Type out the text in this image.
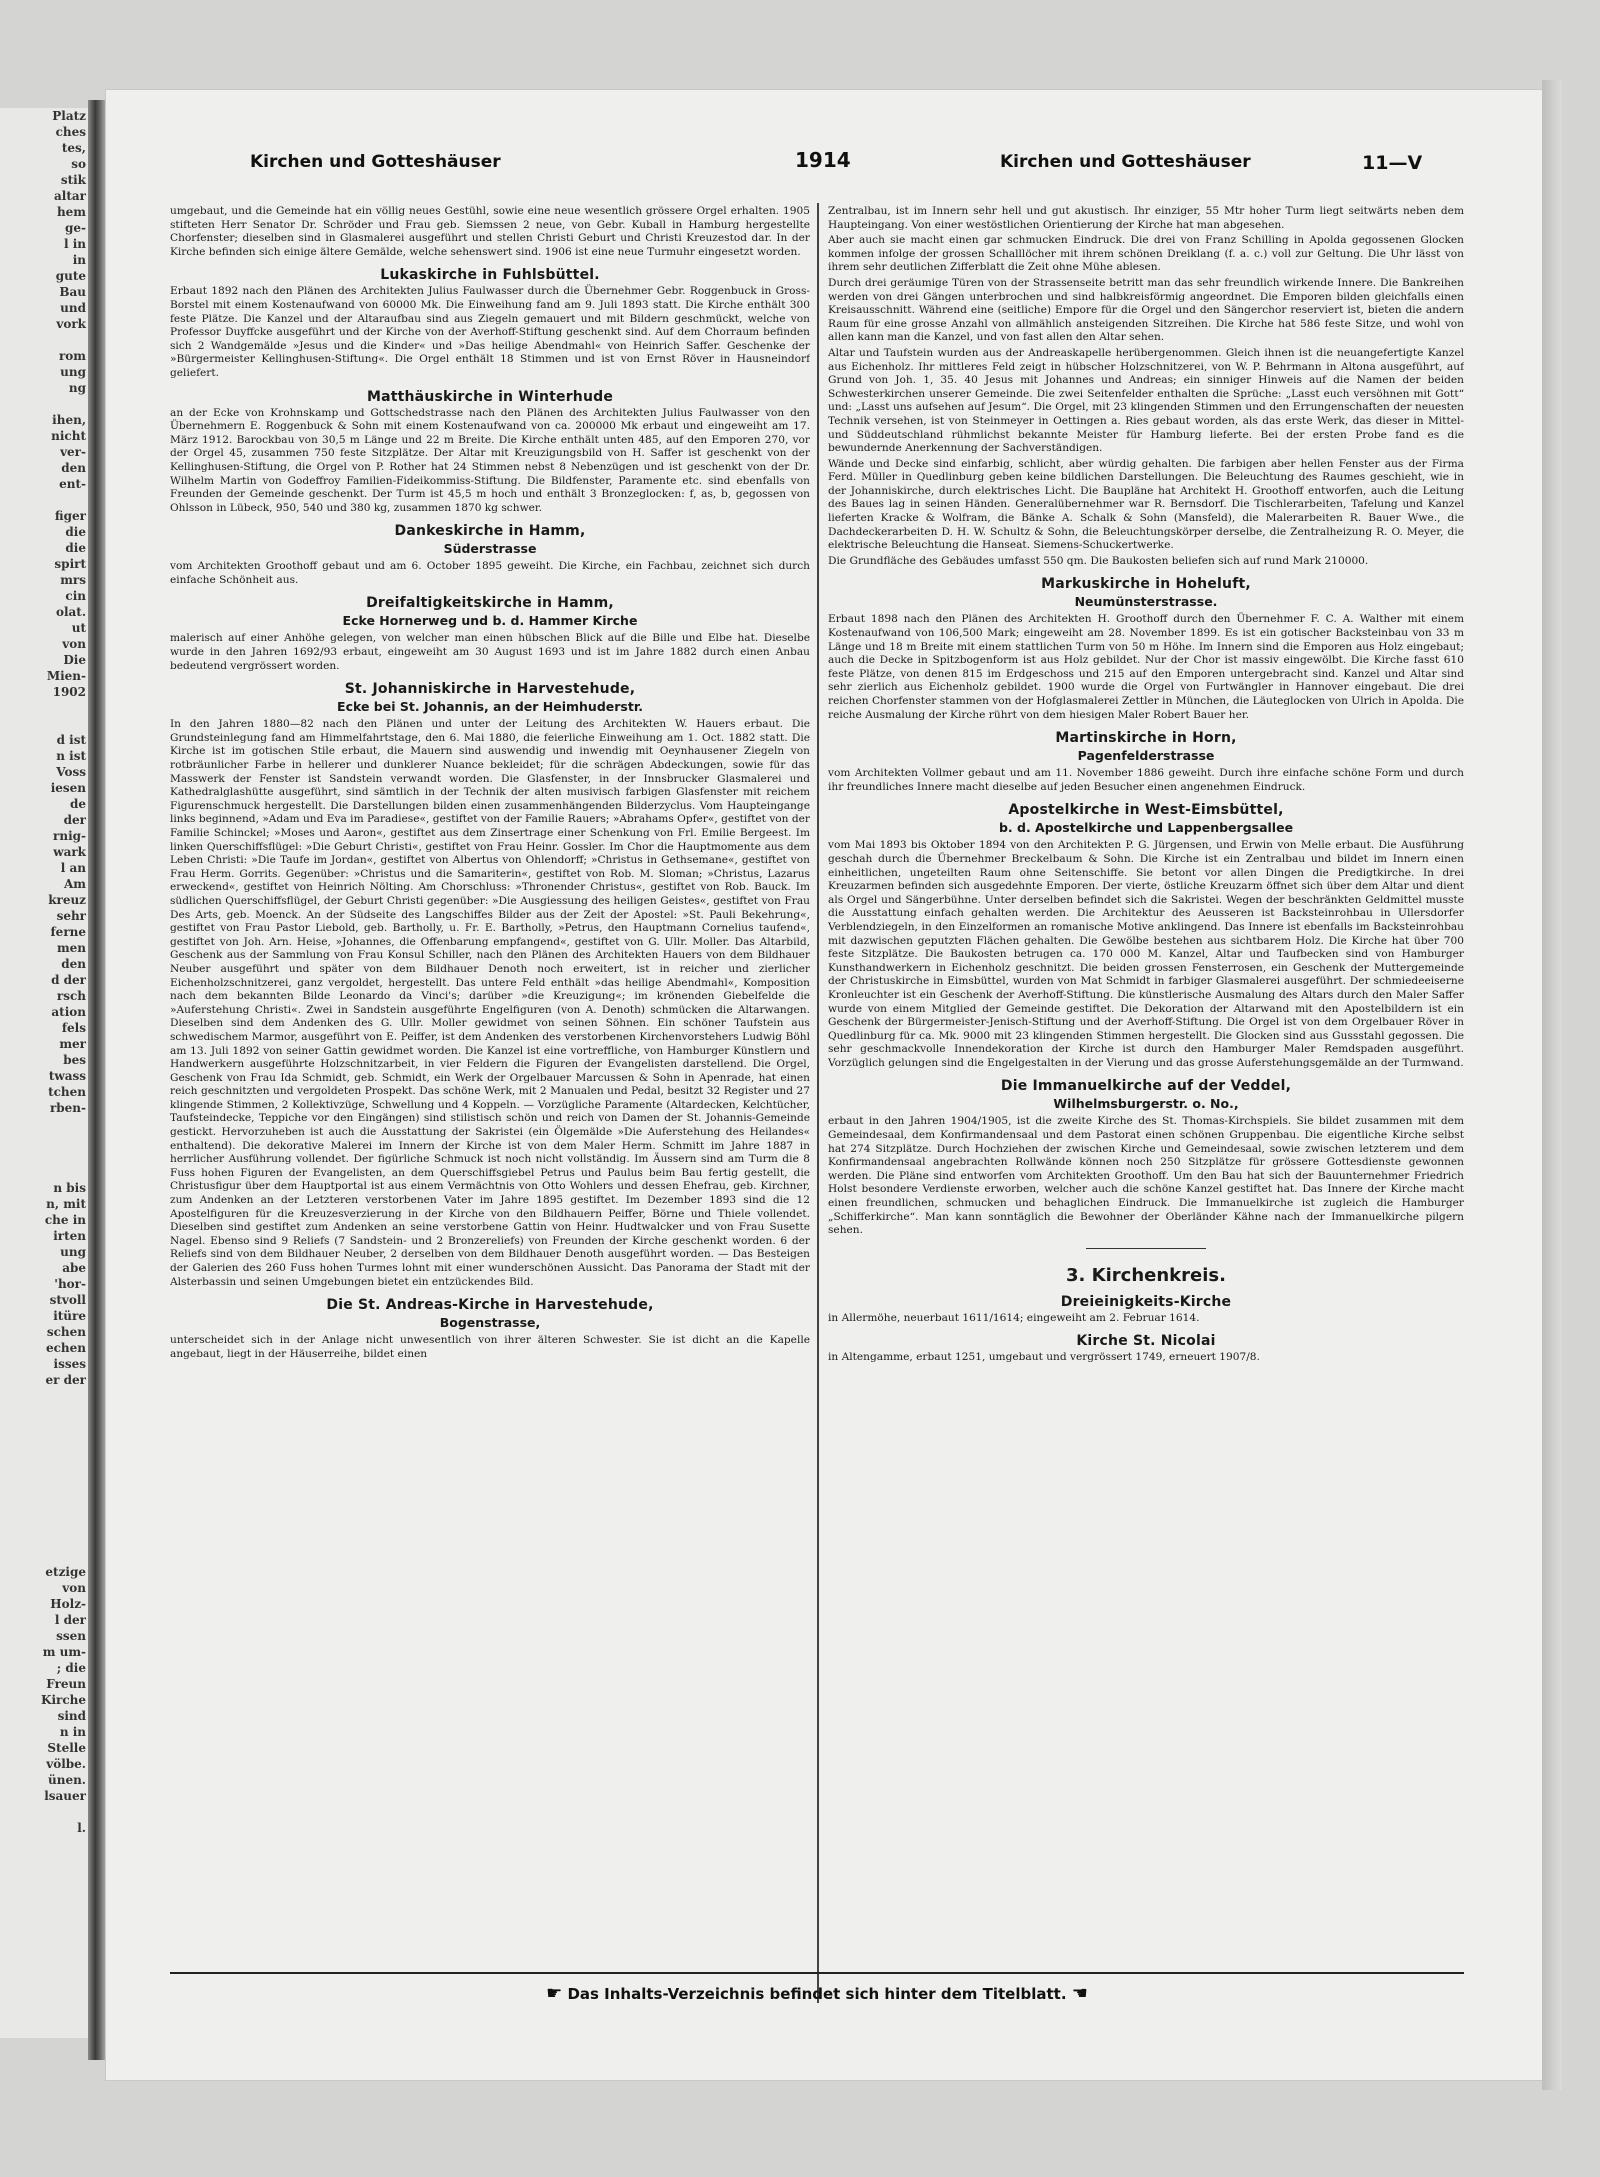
Platz
ches
tes,
so
stik
altar
hem
ge-
l in
in
gute
Bau
und
vork

rom
ung
ng

ihen,
nicht
ver-
den
ent-

figer
die
die
spirt
mrs
cin
olat.
ut
von
Die
Mien-
1902

d ist
n ist
Voss
iesen
de
der
rnig-
wark
l an
Am
kreuz
sehr
ferne
men
den
d der
rsch
ation
fels
mer
bes
twass
tchen
rben-

n bis
n, mit
che in
irten
ung
abe
'hor-
stvoll
itüre
schen
echen
isses
er der

etzige
von
Holz-
l der
ssen
m um-
; die
Freun
Kirche
sind
n in
Stelle
völbe.
ünen.
lsauer

l.
Kirchen und Gotteshäuser	1914	Kirchen und Gotteshäuser	11—V
umgebaut, und die Gemeinde hat ein völlig neues Gestühl, sowie eine neue wesentlich grössere Orgel erhalten. 1905 stifteten Herr Senator Dr. Schröder und Frau geb. Siemssen 2 neue, von Gebr. Kuball in Hamburg hergestellte Chorfenster; dieselben sind in Glasmalerei ausgeführt und stellen Christi Geburt und Christi Kreuzestod dar. In der Kirche befinden sich einige ältere Gemälde, welche sehenswert sind. 1906 ist eine neue Turmuhr eingesetzt worden.
Lukaskirche in Fuhlsbüttel.
Erbaut 1892 nach den Plänen des Architekten Julius Faulwasser durch die Übernehmer Gebr. Roggenbuck in Gross-Borstel mit einem Kostenaufwand von 60000 Mk. Die Einweihung fand am 9. Juli 1893 statt. Die Kirche enthält 300 feste Plätze. Die Kanzel und der Altaraufbau sind aus Ziegeln gemauert und mit Bildern geschmückt, welche von Professor Duyffcke ausgeführt und der Kirche von der Averhoff-Stiftung geschenkt sind. Auf dem Chorraum befinden sich 2 Wandgemälde »Jesus und die Kinder« und »Das heilige Abendmahl« von Heinrich Saffer. Geschenke der »Bürgermeister Kellinghusen-Stiftung«. Die Orgel enthält 18 Stimmen und ist von Ernst Röver in Hausneindorf geliefert.
Matthäuskirche in Winterhude
an der Ecke von Krohnskamp und Gottschedstrasse nach den Plänen des Architekten Julius Faulwasser von den Übernehmern E. Roggenbuck & Sohn mit einem Kostenaufwand von ca. 200000 Mk erbaut und eingeweiht am 17. März 1912. Barockbau von 30,5 m Länge und 22 m Breite. Die Kirche enthält unten 485, auf den Emporen 270, vor der Orgel 45, zusammen 750 feste Sitzplätze. Der Altar mit Kreuzigungsbild von H. Saffer ist geschenkt von der Kellinghusen-Stiftung, die Orgel von P. Rother hat 24 Stimmen nebst 8 Nebenzügen und ist geschenkt von der Dr. Wilhelm Martin von Godeffroy Familien-Fideikommiss-Stiftung. Die Bildfenster, Paramente etc. sind ebenfalls von Freunden der Gemeinde geschenkt. Der Turm ist 45,5 m hoch und enthält 3 Bronzeglocken: f, as, b, gegossen von Ohlsson in Lübeck, 950, 540 und 380 kg, zusammen 1870 kg schwer.
Dankeskirche in Hamm,
Süderstrasse
vom Architekten Groothoff gebaut und am 6. October 1895 geweiht. Die Kirche, ein Fachbau, zeichnet sich durch einfache Schönheit aus.
Dreifaltigkeitskirche in Hamm,
Ecke Hornerweg und b. d. Hammer Kirche
malerisch auf einer Anhöhe gelegen, von welcher man einen hübschen Blick auf die Bille und Elbe hat. Dieselbe wurde in den Jahren 1692/93 erbaut, eingeweiht am 30 August 1693 und ist im Jahre 1882 durch einen Anbau bedeutend vergrössert worden.
St. Johanniskirche in Harvestehude,
Ecke bei St. Johannis, an der Heimhuderstr.
In den Jahren 1880—82 nach den Plänen und unter der Leitung des Architekten W. Hauers erbaut. Die Grundsteinlegung fand am Himmelfahrtstage, den 6. Mai 1880, die feierliche Einweihung am 1. Oct. 1882 statt. Die Kirche ist im gotischen Stile erbaut, die Mauern sind auswendig und inwendig mit Oeynhausener Ziegeln von rotbräunlicher Farbe in hellerer und dunklerer Nuance bekleidet; für die schrägen Abdeckungen, sowie für das Masswerk der Fenster ist Sandstein verwandt worden. Die Glasfenster, in der Innsbrucker Glasmalerei und Kathedralglashütte ausgeführt, sind sämtlich in der Technik der alten musivisch farbigen Glasfenster mit reichem Figurenschmuck hergestellt. Die Darstellungen bilden einen zusammenhängenden Bilderzyclus. Vom Haupteingange links beginnend, »Adam und Eva im Paradiese«, gestiftet von der Familie Rauers; »Abrahams Opfer«, gestiftet von der Familie Schinckel; »Moses und Aaron«, gestiftet aus dem Zinsertrage einer Schenkung von Frl. Emilie Bergeest. Im linken Querschiffsflügel: »Die Geburt Christi«, gestiftet von Frau Heinr. Gossler. Im Chor die Hauptmomente aus dem Leben Christi: »Die Taufe im Jordan«, gestiftet von Albertus von Ohlendorff; »Christus in Gethsemane«, gestiftet von Frau Herm. Gorrits. Gegenüber: »Christus und die Samariterin«, gestiftet von Rob. M. Sloman; »Christus, Lazarus erweckend«, gestiftet von Heinrich Nölting. Am Chorschluss: »Thronender Christus«, gestiftet von Rob. Bauck. Im südlichen Querschiffsflügel, der Geburt Christi gegenüber: »Die Ausgiessung des heiligen Geistes«, gestiftet von Frau Des Arts, geb. Moenck. An der Südseite des Langschiffes Bilder aus der Zeit der Apostel: »St. Pauli Bekehrung«, gestiftet von Frau Pastor Liebold, geb. Bartholly, u. Fr. E. Bartholly, »Petrus, den Hauptmann Cornelius taufend«, gestiftet von Joh. Arn. Heise, »Johannes, die Offenbarung empfangend«, gestiftet von G. Ullr. Moller. Das Altarbild, Geschenk aus der Sammlung von Frau Konsul Schiller, nach den Plänen des Architekten Hauers von dem Bildhauer Neuber ausgeführt und später von dem Bildhauer Denoth noch erweitert, ist in reicher und zierlicher Eichenholzschnitzerei, ganz vergoldet, hergestellt. Das untere Feld enthält »das heilige Abendmahl«, Komposition nach dem bekannten Bilde Leonardo da Vinci's; darüber »die Kreuzigung«; im krönenden Giebelfelde die »Auferstehung Christi«. Zwei in Sandstein ausgeführte Engelfiguren (von A. Denoth) schmücken die Altarwangen. Dieselben sind dem Andenken des G. Ullr. Moller gewidmet von seinen Söhnen. Ein schöner Taufstein aus schwedischem Marmor, ausgeführt von E. Peiffer, ist dem Andenken des verstorbenen Kirchenvorstehers Ludwig Böhl am 13. Juli 1892 von seiner Gattin gewidmet worden. Die Kanzel ist eine vortreffliche, von Hamburger Künstlern und Handwerkern ausgeführte Holzschnitzarbeit, in vier Feldern die Figuren der Evangelisten darstellend. Die Orgel, Geschenk von Frau Ida Schmidt, geb. Schmidt, ein Werk der Orgelbauer Marcussen & Sohn in Apenrade, hat einen reich geschnitzten und vergoldeten Prospekt. Das schöne Werk, mit 2 Manualen und Pedal, besitzt 32 Register und 27 klingende Stimmen, 2 Kollektivzüge, Schwellung und 4 Koppeln. — Vorzügliche Paramente (Altardecken, Kelchtücher, Taufsteindecke, Teppiche vor den Eingängen) sind stilistisch schön und reich von Damen der St. Johannis-Gemeinde gestickt. Hervorzuheben ist auch die Ausstattung der Sakristei (ein Ölgemälde »Die Auferstehung des Heilandes« enthaltend). Die dekorative Malerei im Innern der Kirche ist von dem Maler Herm. Schmitt im Jahre 1887 in herrlicher Ausführung vollendet. Der figürliche Schmuck ist noch nicht vollständig. Im Äussern sind am Turm die 8 Fuss hohen Figuren der Evangelisten, an dem Querschiffsgiebel Petrus und Paulus beim Bau fertig gestellt, die Christusfigur über dem Hauptportal ist aus einem Vermächtnis von Otto Wohlers und dessen Ehefrau, geb. Kirchner, zum Andenken an der Letzteren verstorbenen Vater im Jahre 1895 gestiftet. Im Dezember 1893 sind die 12 Apostelfiguren für die Kreuzesverzierung in der Kirche von den Bildhauern Peiffer, Börne und Thiele vollendet. Dieselben sind gestiftet zum Andenken an seine verstorbene Gattin von Heinr. Hudtwalcker und von Frau Susette Nagel. Ebenso sind 9 Reliefs (7 Sandstein- und 2 Bronzereliefs) von Freunden der Kirche geschenkt worden. 6 der Reliefs sind von dem Bildhauer Neuber, 2 derselben von dem Bildhauer Denoth ausgeführt worden. — Das Besteigen der Galerien des 260 Fuss hohen Turmes lohnt mit einer wunderschönen Aussicht. Das Panorama der Stadt mit der Alsterbassin und seinen Umgebungen bietet ein entzückendes Bild.
Die St. Andreas-Kirche in Harvestehude,
Bogenstrasse,
unterscheidet sich in der Anlage nicht unwesentlich von ihrer älteren Schwester. Sie ist dicht an die Kapelle angebaut, liegt in der Häuserreihe, bildet einen
Zentralbau, ist im Innern sehr hell und gut akustisch. Ihr einziger, 55 Mtr hoher Turm liegt seitwärts neben dem Haupteingang. Von einer westöstlichen Orientierung der Kirche hat man abgesehen.
Aber auch sie macht einen gar schmucken Eindruck. Die drei von Franz Schilling in Apolda gegossenen Glocken kommen infolge der grossen Schalllöcher mit ihrem schönen Dreiklang (f. a. c.) voll zur Geltung. Die Uhr lässt von ihrem sehr deutlichen Zifferblatt die Zeit ohne Mühe ablesen.
Durch drei geräumige Türen von der Strassenseite betritt man das sehr freundlich wirkende Innere. Die Bankreihen werden von drei Gängen unterbrochen und sind halbkreisförmig angeordnet. Die Emporen bilden gleichfalls einen Kreisausschnitt. Während eine (seitliche) Empore für die Orgel und den Sängerchor reserviert ist, bieten die andern Raum für eine grosse Anzahl von allmählich ansteigenden Sitzreihen. Die Kirche hat 586 feste Sitze, und wohl von allen kann man die Kanzel, und von fast allen den Altar sehen.
Altar und Taufstein wurden aus der Andreaskapelle herübergenommen. Gleich ihnen ist die neuangefertigte Kanzel aus Eichenholz. Ihr mittleres Feld zeigt in hübscher Holzschnitzerei, von W. P. Behrmann in Altona ausgeführt, auf Grund von Joh. 1, 35. 40 Jesus mit Johannes und Andreas; ein sinniger Hinweis auf die Namen der beiden Schwesterkirchen unserer Gemeinde. Die zwei Seitenfelder enthalten die Sprüche: „Lasst euch versöhnen mit Gott“ und: „Lasst uns aufsehen auf Jesum“. Die Orgel, mit 23 klingenden Stimmen und den Errungenschaften der neuesten Technik versehen, ist von Steinmeyer in Oettingen a. Ries gebaut worden, als das erste Werk, das dieser in Mittel- und Süddeutschland rühmlichst bekannte Meister für Hamburg lieferte. Bei der ersten Probe fand es die bewundernde Anerkennung der Sachverständigen.
Wände und Decke sind einfarbig, schlicht, aber würdig gehalten. Die farbigen aber hellen Fenster aus der Firma Ferd. Müller in Quedlinburg geben keine bildlichen Darstellungen. Die Beleuchtung des Raumes geschieht, wie in der Johanniskirche, durch elektrisches Licht. Die Baupläne hat Architekt H. Groothoff entworfen, auch die Leitung des Baues lag in seinen Händen. Generalübernehmer war R. Bernsdorf. Die Tischlerarbeiten, Tafelung und Kanzel lieferten Kracke & Wolfram, die Bänke A. Schalk & Sohn (Mansfeld), die Malerarbeiten R. Bauer Wwe., die Dachdeckerarbeiten D. H. W. Schultz & Sohn, die Beleuchtungskörper derselbe, die Zentralheizung R. O. Meyer, die elektrische Beleuchtung die Hanseat. Siemens-Schuckertwerke.
Die Grundfläche des Gebäudes umfasst 550 qm. Die Baukosten beliefen sich auf rund Mark 210000.
Markuskirche in Hoheluft,
Neumünsterstrasse.
Erbaut 1898 nach den Plänen des Architekten H. Groothoff durch den Übernehmer F. C. A. Walther mit einem Kostenaufwand von 106,500 Mark; eingeweiht am 28. November 1899. Es ist ein gotischer Backsteinbau von 33 m Länge und 18 m Breite mit einem stattlichen Turm von 50 m Höhe. Im Innern sind die Emporen aus Holz eingebaut; auch die Decke in Spitzbogenform ist aus Holz gebildet. Nur der Chor ist massiv eingewölbt. Die Kirche fasst 610 feste Plätze, von denen 815 im Erdgeschoss und 215 auf den Emporen untergebracht sind. Kanzel und Altar sind sehr zierlich aus Eichenholz gebildet. 1900 wurde die Orgel von Furtwängler in Hannover eingebaut. Die drei reichen Chorfenster stammen von der Hofglasmalerei Zettler in München, die Läuteglocken von Ulrich in Apolda. Die reiche Ausmalung der Kirche rührt von dem hiesigen Maler Robert Bauer her.
Martinskirche in Horn,
Pagenfelderstrasse
vom Architekten Vollmer gebaut und am 11. November 1886 geweiht. Durch ihre einfache schöne Form und durch ihr freundliches Innere macht dieselbe auf jeden Besucher einen angenehmen Eindruck.
Apostelkirche in West-Eimsbüttel,
b. d. Apostelkirche und Lappenbergsallee
vom Mai 1893 bis Oktober 1894 von den Architekten P. G. Jürgensen, und Erwin von Melle erbaut. Die Ausführung geschah durch die Übernehmer Breckelbaum & Sohn. Die Kirche ist ein Zentralbau und bildet im Innern einen einheitlichen, ungeteilten Raum ohne Seitenschiffe. Sie betont vor allen Dingen die Predigtkirche. In drei Kreuzarmen befinden sich ausgedehnte Emporen. Der vierte, östliche Kreuzarm öffnet sich über dem Altar und dient als Orgel und Sängerbühne. Unter derselben befindet sich die Sakristei. Wegen der beschränkten Geldmittel musste die Ausstattung einfach gehalten werden. Die Architektur des Aeusseren ist Backsteinrohbau in Ullersdorfer Verblendziegeln, in den Einzelformen an romanische Motive anklingend. Das Innere ist ebenfalls im Backsteinrohbau mit dazwischen geputzten Flächen gehalten. Die Gewölbe bestehen aus sichtbarem Holz. Die Kirche hat über 700 feste Sitzplätze. Die Baukosten betrugen ca. 170 000 M. Kanzel, Altar und Taufbecken sind von Hamburger Kunsthandwerkern in Eichenholz geschnitzt. Die beiden grossen Fensterrosen, ein Geschenk der Muttergemeinde der Christuskirche in Eimsbüttel, wurden von Mat Schmidt in farbiger Glasmalerei ausgeführt. Der schmiedeeiserne Kronleuchter ist ein Geschenk der Averhoff-Stiftung. Die künstlerische Ausmalung des Altars durch den Maler Saffer wurde von einem Mitglied der Gemeinde gestiftet. Die Dekoration der Altarwand mit den Apostelbildern ist ein Geschenk der Bürgermeister-Jenisch-Stiftung und der Averhoff-Stiftung. Die Orgel ist von dem Orgelbauer Röver in Quedlinburg für ca. Mk. 9000 mit 23 klingenden Stimmen hergestellt. Die Glocken sind aus Gussstahl gegossen. Die sehr geschmackvolle Innendekoration der Kirche ist durch den Hamburger Maler Remdspaden ausgeführt. Vorzüglich gelungen sind die Engelgestalten in der Vierung und das grosse Auferstehungsgemälde an der Turmwand.
Die Immanuelkirche auf der Veddel,
Wilhelmsburgerstr. o. No.,
erbaut in den Jahren 1904/1905, ist die zweite Kirche des St. Thomas-Kirchspiels. Sie bildet zusammen mit dem Gemeindesaal, dem Konfirmandensaal und dem Pastorat einen schönen Gruppenbau. Die eigentliche Kirche selbst hat 274 Sitzplätze. Durch Hochziehen der zwischen Kirche und Gemeindesaal, sowie zwischen letzterem und dem Konfirmandensaal angebrachten Rollwände können noch 250 Sitzplätze für grössere Gottesdienste gewonnen werden. Die Pläne sind entworfen vom Architekten Groothoff. Um den Bau hat sich der Bauunternehmer Friedrich Holst besondere Verdienste erworben, welcher auch die schöne Kanzel gestiftet hat. Das Innere der Kirche macht einen freundlichen, schmucken und behaglichen Eindruck. Die Immanuelkirche ist zugleich die Hamburger „Schifferkirche“. Man kann sonntäglich die Bewohner der Oberländer Kähne nach der Immanuelkirche pilgern sehen.
3. Kirchenkreis.
Dreieinigkeits-Kirche
in Allermöhe, neuerbaut 1611/1614; eingeweiht am 2. Februar 1614.
Kirche St. Nicolai
in Altengamme, erbaut 1251, umgebaut und vergrössert 1749, erneuert 1907/8.
☛ Das Inhalts-Verzeichnis befindet sich hinter dem Titelblatt. ☚
